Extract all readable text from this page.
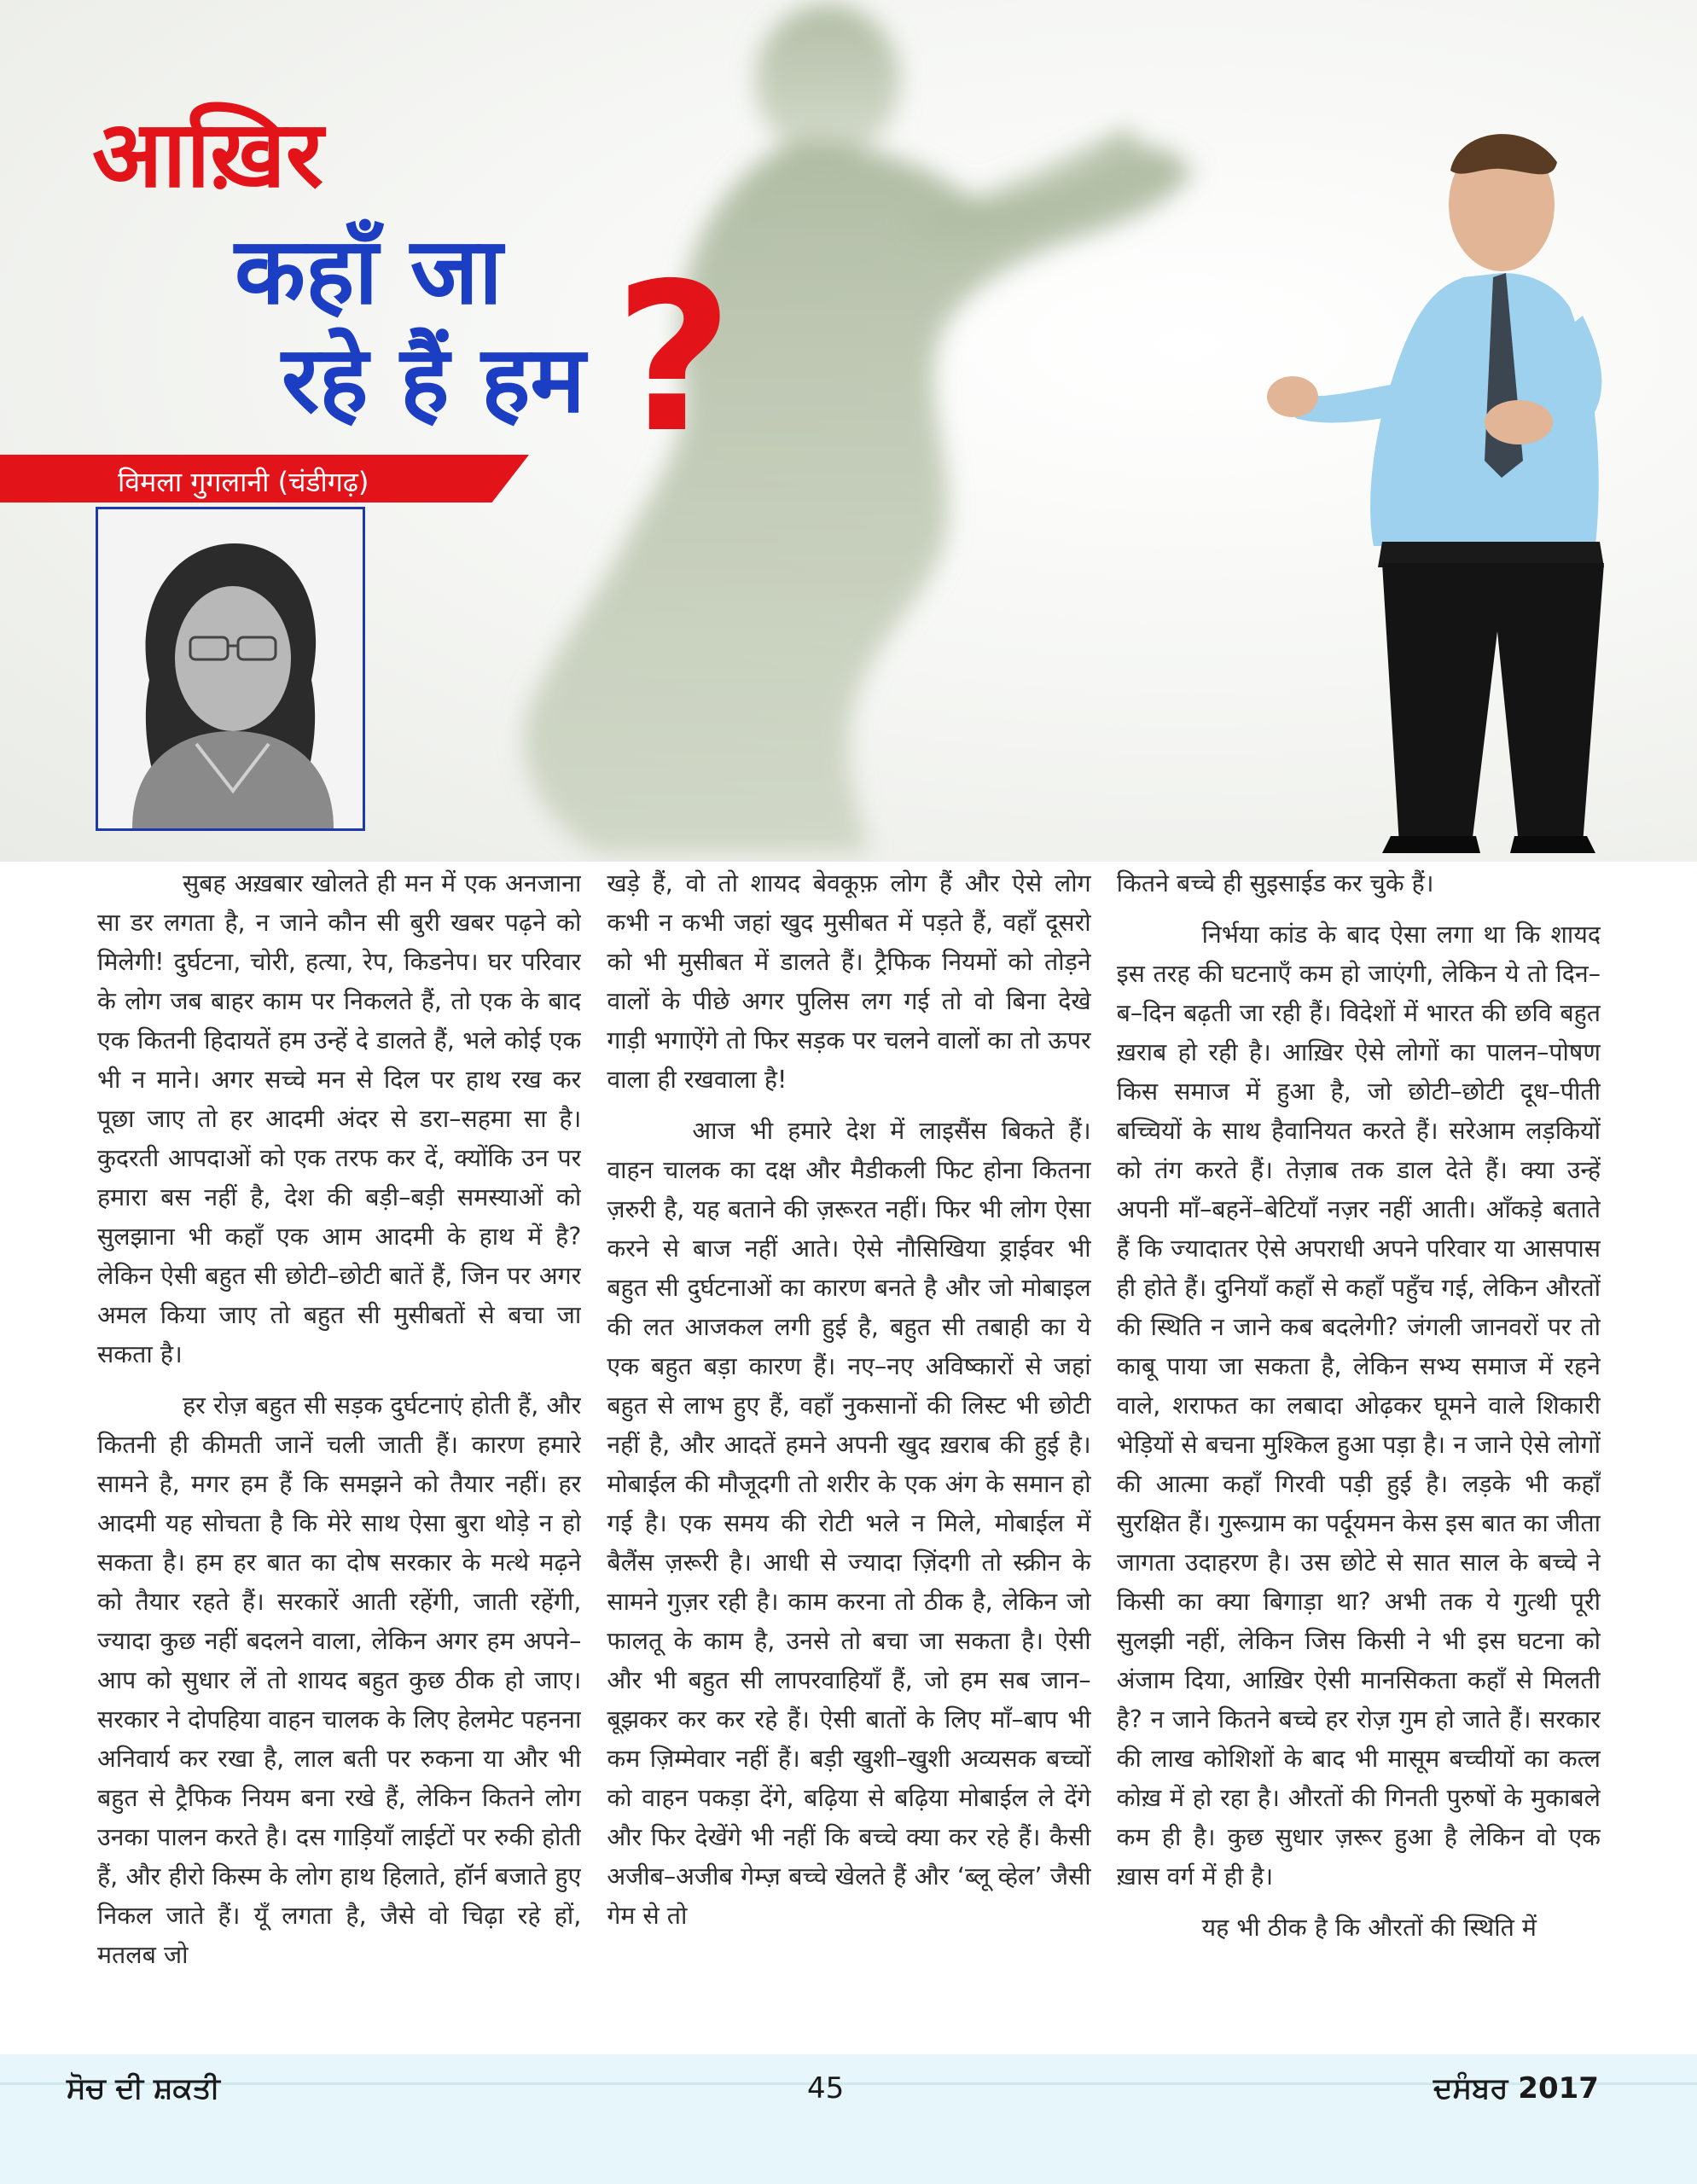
आख़िर
कहाँ जा
रहे हैं हम ?
विमला गुगलानी (चंडीगढ़)

सुबह अख़बार खोलते ही मन में एक अनजाना सा डर लगता है, न जाने कौन सी बुरी खबर पढ़ने को मिलेगी! दुर्घटना, चोरी, हत्या, रेप, किडनेप। घर परिवार के लोग जब बाहर काम पर निकलते हैं, तो एक के बाद एक कितनी हिदायतें हम उन्हें दे डालते हैं, भले कोई एक भी न माने। अगर सच्चे मन से दिल पर हाथ रख कर पूछा जाए तो हर आदमी अंदर से डरा–सहमा सा है। कुदरती आपदाओं को एक तरफ कर दें, क्योंकि उन पर हमारा बस नहीं है, देश की बड़ी–बड़ी समस्याओं को सुलझाना भी कहाँ एक आम आदमी के हाथ में है? लेकिन ऐसी बहुत सी छोटी–छोटी बातें हैं, जिन पर अगर अमल किया जाए तो बहुत सी मुसीबतों से बचा जा सकता है।

हर रोज़ बहुत सी सड़क दुर्घटनाएं होती हैं, और कितनी ही कीमती जानें चली जाती हैं। कारण हमारे सामने है, मगर हम हैं कि समझने को तैयार नहीं। हर आदमी यह सोचता है कि मेरे साथ ऐसा बुरा थोड़े न हो सकता है। हम हर बात का दोष सरकार के मत्थे मढ़ने को तैयार रहते हैं। सरकारें आती रहेंगी, जाती रहेंगी, ज्यादा कुछ नहीं बदलने वाला, लेकिन अगर हम अपने–आप को सुधार लें तो शायद बहुत कुछ ठीक हो जाए। सरकार ने दोपहिया वाहन चालक के लिए हेलमेट पहनना अनिवार्य कर रखा है, लाल बती पर रुकना या और भी बहुत से ट्रैफिक नियम बना रखे हैं, लेकिन कितने लोग उनका पालन करते है। दस गाड़ियाँ लाईटों पर रुकी होती हैं, और हीरो किस्म के लोग हाथ हिलाते, हॉर्न बजाते हुए निकल जाते हैं। यूँ लगता है, जैसे वो चिढ़ा रहे हों, मतलब जो

खड़े हैं, वो तो शायद बेवकूफ़ लोग हैं और ऐसे लोग कभी न कभी जहां खुद मुसीबत में पड़ते हैं, वहाँ दूसरो को भी मुसीबत में डालते हैं। ट्रैफिक नियमों को तोड़ने वालों के पीछे अगर पुलिस लग गई तो वो बिना देखे गाड़ी भगाऐंगे तो फिर सड़क पर चलने वालों का तो ऊपर वाला ही रखवाला है!

आज भी हमारे देश में लाइसैंस बिकते हैं। वाहन चालक का दक्ष और मैडीकली फिट होना कितना ज़रुरी है, यह बताने की ज़रूरत नहीं। फिर भी लोग ऐसा करने से बाज नहीं आते। ऐसे नौसिखिया ड्राईवर भी बहुत सी दुर्घटनाओं का कारण बनते है और जो मोबाइल की लत आजकल लगी हुई है, बहुत सी तबाही का ये एक बहुत बड़ा कारण हैं। नए–नए अविष्कारों से जहां बहुत से लाभ हुए हैं, वहाँ नुकसानों की लिस्ट भी छोटी नहीं है, और आदतें हमने अपनी खुद ख़राब की हुई है। मोबाईल की मौजूदगी तो शरीर के एक अंग के समान हो गई है। एक समय की रोटी भले न मिले, मोबाईल में बैलैंस ज़रूरी है। आधी से ज्यादा ज़िंदगी तो स्क्रीन के सामने गुज़र रही है। काम करना तो ठीक है, लेकिन जो फालतू के काम है, उनसे तो बचा जा सकता है। ऐसी और भी बहुत सी लापरवाहियाँ हैं, जो हम सब जान–बूझकर कर कर रहे हैं। ऐसी बातों के लिए माँ–बाप भी कम ज़िम्मेवार नहीं हैं। बड़ी खुशी–खुशी अव्यसक बच्चों को वाहन पकड़ा देंगे, बढ़िया से बढ़िया मोबाईल ले देंगे और फिर देखेंगे भी नहीं कि बच्चे क्या कर रहे हैं। कैसी अजीब–अजीब गेम्ज़ बच्चे खेलते हैं और ‘ब्लू व्हेल’ जैसी गेम से तो

कितने बच्चे ही सुइसाईड कर चुके हैं।

निर्भया कांड के बाद ऐसा लगा था कि शायद इस तरह की घटनाएँ कम हो जाएंगी, लेकिन ये तो दिन–ब–दिन बढ़ती जा रही हैं। विदेशों में भारत की छवि बहुत ख़राब हो रही है। आख़िर ऐसे लोगों का पालन–पोषण किस समाज में हुआ है, जो छोटी–छोटी दूध–पीती बच्चियों के साथ हैवानियत करते हैं। सरेआम लड़कियों को तंग करते हैं। तेज़ाब तक डाल देते हैं। क्या उन्हें अपनी माँ–बहनें–बेटियाँ नज़र नहीं आती। आँकड़े बताते हैं कि ज्यादातर ऐसे अपराधी अपने परिवार या आसपास ही होते हैं। दुनियाँ कहाँ से कहाँ पहुँच गई, लेकिन औरतों की स्थिति न जाने कब बदलेगी? जंगली जानवरों पर तो काबू पाया जा सकता है, लेकिन सभ्य समाज में रहने वाले, शराफत का लबादा ओढ़कर घूमने वाले शिकारी भेड़ियों से बचना मुश्किल हुआ पड़ा है। न जाने ऐसे लोगों की आत्मा कहाँ गिरवी पड़ी हुई है। लड़के भी कहाँ सुरक्षित हैं। गुरूग्राम का पर्दूयमन केस इस बात का जीता जागता उदाहरण है। उस छोटे से सात साल के बच्चे ने किसी का क्या बिगाड़ा था? अभी तक ये गुत्थी पूरी सुलझी नहीं, लेकिन जिस किसी ने भी इस घटना को अंजाम दिया, आख़िर ऐसी मानसिकता कहाँ से मिलती है? न जाने कितने बच्चे हर रोज़ गुम हो जाते हैं। सरकार की लाख कोशिशों के बाद भी मासूम बच्चीयों का कत्ल कोख़ में हो रहा है। औरतों की गिनती पुरुषों के मुकाबले कम ही है। कुछ सुधार ज़रूर हुआ है लेकिन वो एक ख़ास वर्ग में ही है।

यह भी ठीक है कि औरतों की स्थिति में

ਸੋਚ ਦੀ ਸ਼ਕਤੀ	45	ਦਸੰਬਰ 2017
